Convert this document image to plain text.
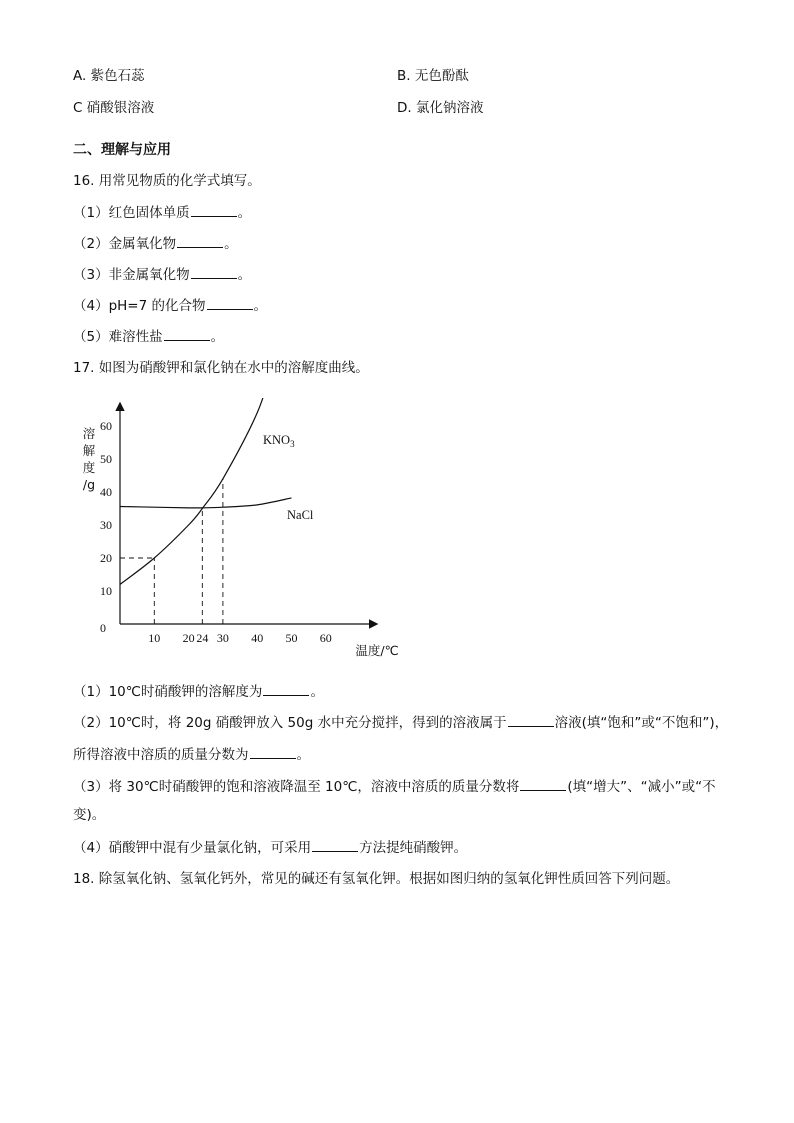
A. 紫色石蕊	B. 无色酚酞
C 硝酸银溶液	D. 氯化钠溶液
二、理解与应用
16. 用常见物质的化学式填写。
（1）红色固体单质	。
（2）金属氧化物	。
（3）非金属氧化物	。
（4）pH=7 的化合物	。
（5）难溶性盐	。
17. 如图为硝酸钾和氯化钠在水中的溶解度曲线。
10
20
30
40
50
60
0
10 20 24 30 40 50 60
溶
解
度
/g
温度/℃
$KNO_3$
NaCl
（1）10℃时硝酸钾的溶解度为	。
（2）10℃时，将 20g 硝酸钾放入 50g 水中充分搅拌，得到的溶液属于	溶液(填“饱和”或“不饱和”)，
所得溶液中溶质的质量分数为	。
（3）将 30℃时硝酸钾的饱和溶液降温至 10℃，溶液中溶质的质量分数将	(填“增大”、“减小”或“不
变)。
（4）硝酸钾中混有少量氯化钠，可采用	方法提纯硝酸钾。
18. 除氢氧化钠、氢氧化钙外，常见的碱还有氢氧化钾。根据如图归纳的氢氧化钾性质回答下列问题。
